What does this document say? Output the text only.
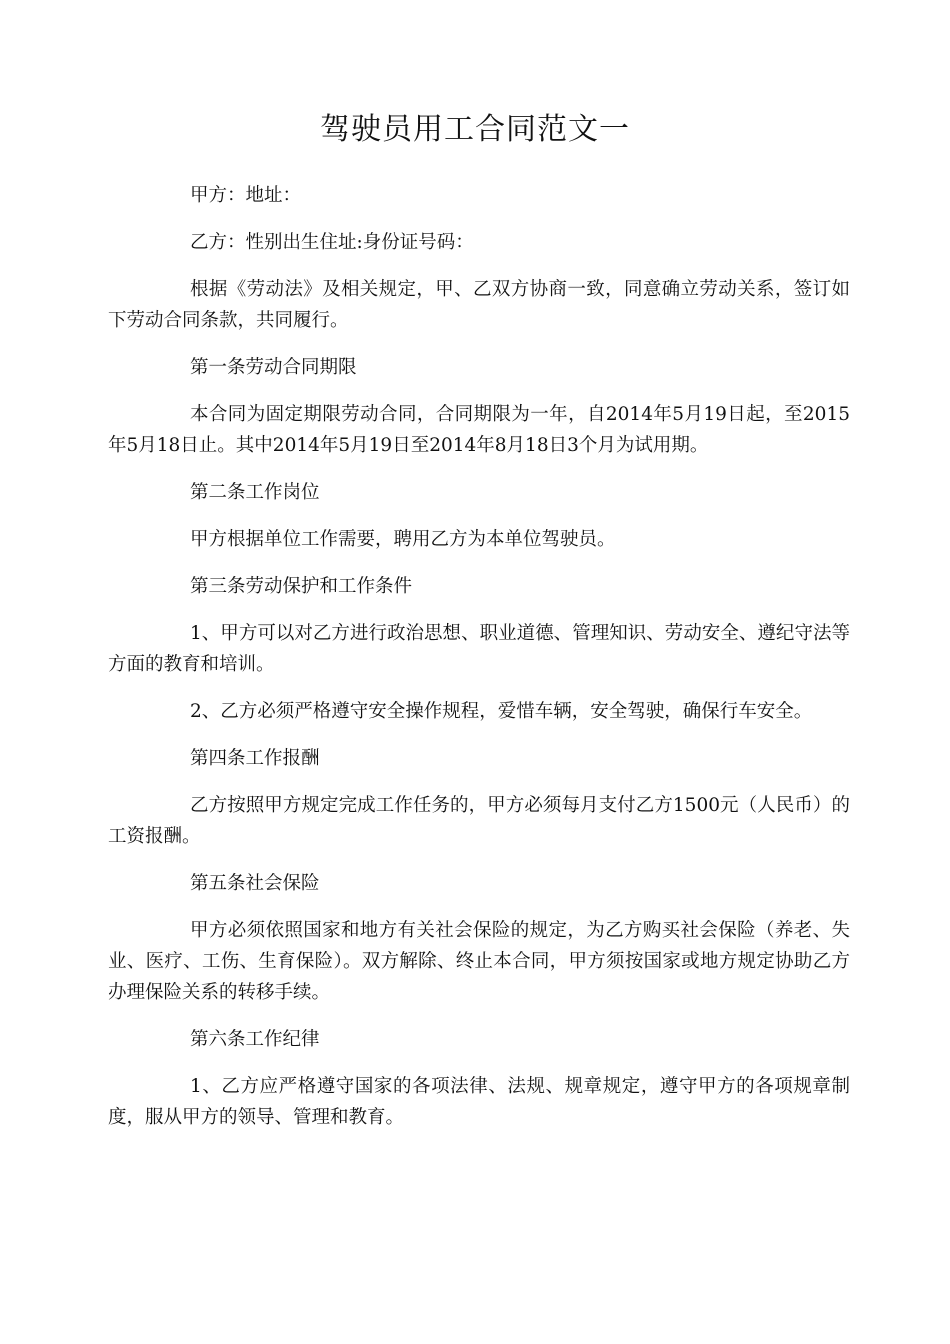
驾驶员用工合同范文一

甲方：地址：

乙方：性别出生住址:身份证号码：

根据《劳动法》及相关规定，甲、乙双方协商一致，同意确立劳动关系，签订如下劳动合同条款，共同履行。

第一条劳动合同期限

本合同为固定期限劳动合同，合同期限为一年，自2014年5月19日起，至2015年5月18日止。其中2014年5月19日至2014年8月18日3个月为试用期。

第二条工作岗位

甲方根据单位工作需要，聘用乙方为本单位驾驶员。

第三条劳动保护和工作条件

1、甲方可以对乙方进行政治思想、职业道德、管理知识、劳动安全、遵纪守法等方面的教育和培训。

2、乙方必须严格遵守安全操作规程，爱惜车辆，安全驾驶，确保行车安全。

第四条工作报酬

乙方按照甲方规定完成工作任务的，甲方必须每月支付乙方1500元（人民币）的工资报酬。

第五条社会保险

甲方必须依照国家和地方有关社会保险的规定，为乙方购买社会保险（养老、失业、医疗、工伤、生育保险）。双方解除、终止本合同，甲方须按国家或地方规定协助乙方办理保险关系的转移手续。

第六条工作纪律

1、乙方应严格遵守国家的各项法律、法规、规章规定，遵守甲方的各项规章制度，服从甲方的领导、管理和教育。
